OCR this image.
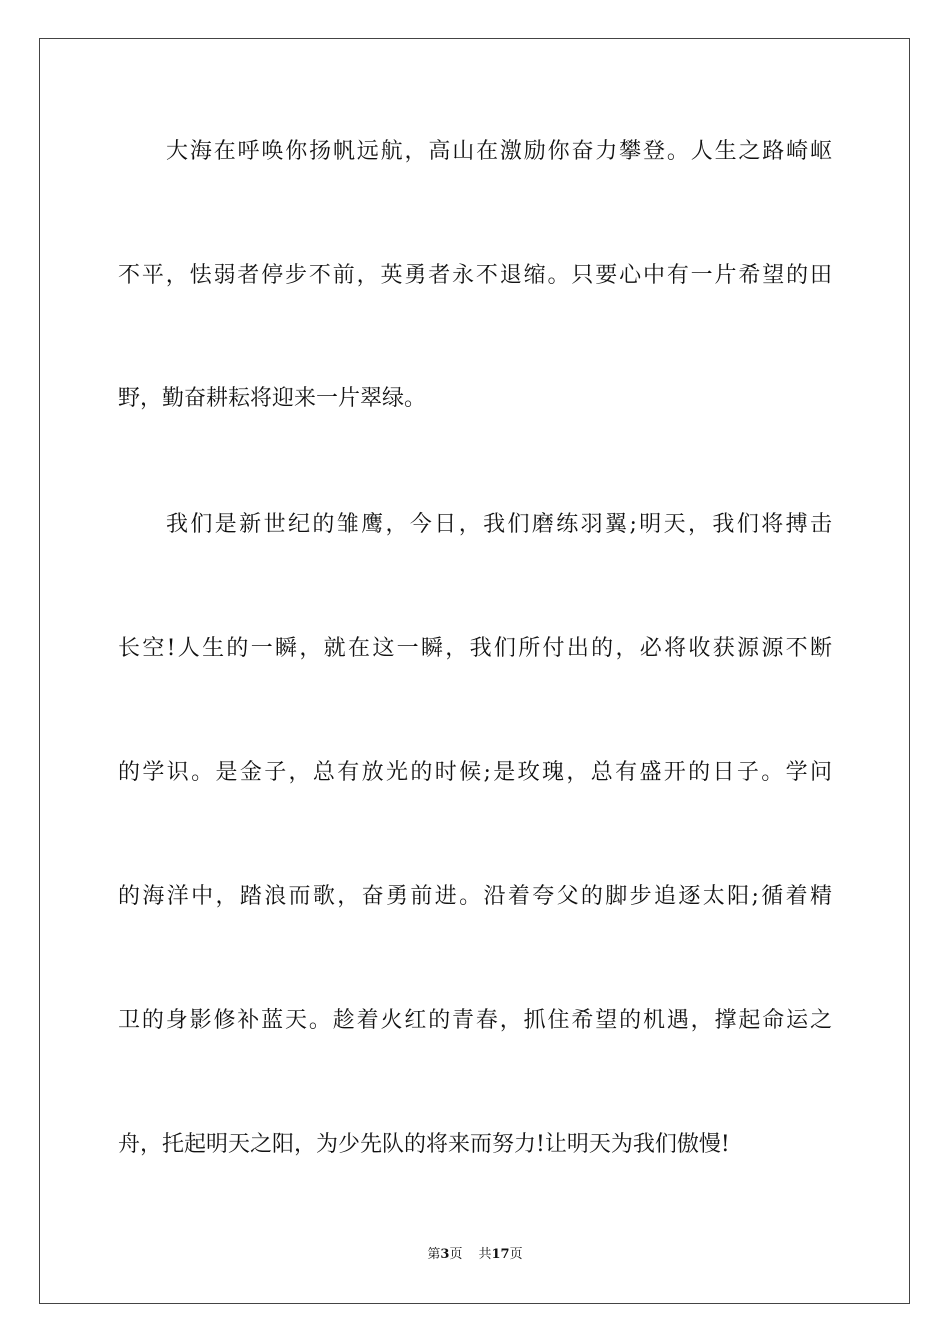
大海在呼唤你扬帆远航，高山在激励你奋力攀登。人生之路崎岖
不平，怯弱者停步不前，英勇者永不退缩。只要心中有一片希望的田
野，勤奋耕耘将迎来一片翠绿。
我们是新世纪的雏鹰，今日，我们磨练羽翼;明天，我们将搏击
长空!人生的一瞬，就在这一瞬，我们所付出的，必将收获源源不断
的学识。是金子，总有放光的时候;是玫瑰，总有盛开的日子。学问
的海洋中，踏浪而歌，奋勇前进。沿着夸父的脚步追逐太阳;循着精
卫的身影修补蓝天。趁着火红的青春，抓住希望的机遇，撑起命运之
舟，托起明天之阳，为少先队的将来而努力!让明天为我们傲慢!
第3页 共17页
